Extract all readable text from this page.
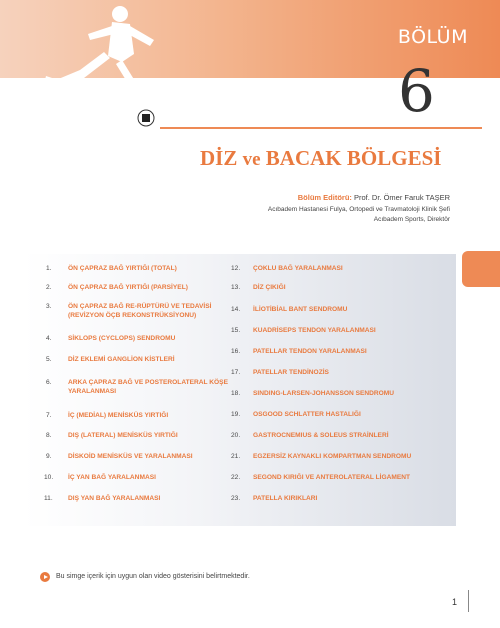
BÖLÜM
6
DİZ ve BACAK BÖLGESİ
Bölüm Editörü: Prof. Dr. Ömer Faruk TAŞER
Acıbadem Hastanesi Fulya, Ortopedi ve Travmatoloji Klinik Şefi
Acıbadem Sports, Direktör
1.	ÖN ÇAPRAZ BAĞ YIRTIĞI (TOTAL)
2.	ÖN ÇAPRAZ BAĞ YIRTIĞI (PARSİYEL)
3.	ÖN ÇAPRAZ BAĞ RE-RÜPTÜRÜ VE TEDAVİSİ (REVİZYON ÖÇB REKONSTRÜKSİYONU)
4.	SİKLOPS (CYCLOPS) SENDROMU
5.	DİZ EKLEMİ GANGLİON KİSTLERİ
6.	ARKA ÇAPRAZ BAĞ VE POSTEROLATERAL KÖŞE YARALANMASI
7.	İÇ (MEDİAL) MENİSKÜS YIRTIĞI
8.	DIŞ (LATERAL) MENİSKÜS YIRTIĞI
9.	DİSKOİD MENİSKÜS VE YARALANMASI
10. İÇ YAN BAĞ YARALANMASI
11. DIŞ YAN BAĞ YARALANMASI
12. ÇOKLU BAĞ YARALANMASI
13. DİZ ÇIKIĞI
14. İLİOTİBİAL BANT SENDROMU
15. KUADRİSEPS TENDON YARALANMASI
16. PATELLAR TENDON YARALANMASI
17. PATELLAR TENDİNOZİS
18. SINDING-LARSEN-JOHANSSON SENDROMU
19. OSGOOD SCHLATTER HASTALIĞI
20. GASTROCNEMIUS & SOLEUS STRAİNLERİ
21. EGZERSİZ KAYNAKLI KOMPARTMAN SENDROMU
22. SEGOND KIRIĞI VE ANTEROLATERAL LİGAMENT
23. PATELLA KIRIKLARI
Bu simge içerik için uygun olan video gösterisini belirtmektedir.
1
